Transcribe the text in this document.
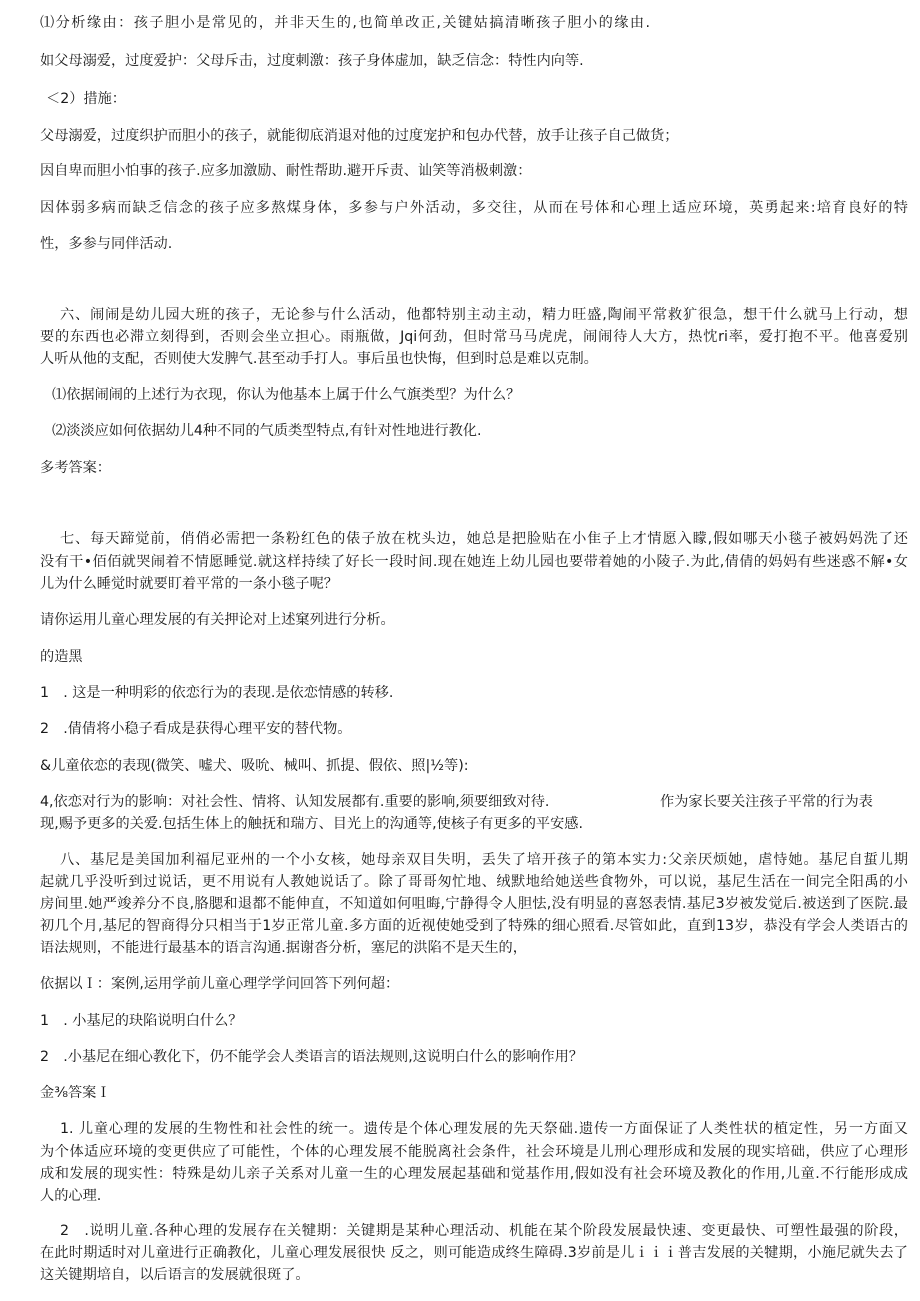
⑴分析缘由：孩子胆小是常见的，并非天生的,也简单改正,关键姑搞清晰孩子胆小的缘由.
如父母溺爱，过度爱护：父母斥击，过度刺激：孩子身体虚加，缺乏信念：特性内向等.
＜2）措施：
父母溺爱，过度织护而胆小的孩子，就能彻底消退对他的过度宠护和包办代替，放手让孩子自己做货；
因自卑而胆小怕事的孩子.应多加激励、耐性帮助.避开斥责、讪笑等消极刺激：
因体弱多病而缺乏信念的孩子应多熬煤身体，多参与户外活动，多交往，从而在号体和心理上适应环境，英勇起来:培育良好的特
性，多参与同伴活动.
六、闹闹是幼儿园大班的孩子，无论参与什么活动，他都特别主动主动，精力旺盛,陶闹平常救犷很急，想干什么就马上行动，想
要的东西也必滞立刻得到，否则会坐立担心。雨瓶做，Jqi何劲，但时常马马虎虎，闹闹待人大方，热忱ri率，爱打抱不平。他喜爱别
人听从他的支配，否则使大发脾气.甚至动手打人。事后虽也快悔，但到时总是难以克制。
⑴依据闹闹的上述行为衣现，你认为他基本上属于什么气旗类型？为什么？
⑵淡淡应如何依据幼儿4种不同的气质类型特点,有针对性地进行教化.
多考答案：
七、每天蹄觉前，俏俏必需把一条粉红色的俵子放在枕头边，她总是把脸贴在小隹子上才情愿入矇,假如哪天小毯子被妈妈洗了还
没有干•佰佰就哭闹着不情愿睡觉.就这样持续了好长一段时间.现在她连上幼儿园也要带着她的小陵子.为此,倩倩的妈妈有些迷惑不解•女
儿为什么睡觉时就要盯着平常的一条小毯子呢？
请你运用儿童心理发展的有关押论对上述窠列进行分析。
的造黑
1　. 这是一种明彩的依恋行为的表现.是依恋情感的转移.
2　.倩倩将小稳子看成是获得心理平安的替代物。
&儿童依恋的表现(微笑、嘘犬、吸吮、械叫、抓提、假依、照|½等):
4,依恋对行为的影响：对社会性、情将、认知发展都有.重要的影响,须要细致对待.	作为家长要关注孩子平常的行为表
现,赐予更多的关爱.包括生体上的触抚和瑞方、目光上的沟通等,使核子有更多的平安感.
八、基尼是美国加利福尼亚州的一个小女核，她母亲双目失明，丢失了培开孩子的第本实力:父亲厌烦她，虐恃她。基尼自蜇儿期
起就几乎没听到过说话，更不用说有人教她说话了。除了哥哥匆忙地、绒默地给她送些食物外，可以说，基尼生活在一间完全阳禹的小
房间里.她严竣养分不良,胳腮和退都不能伸直，不知道如何咀晦,宁静得令人胆怯,没有明显的喜怒表情.基尼3岁被发觉后.被送到了医院.最
初几个月,基尼的智商得分只相当于1岁正常儿童.多方面的近视使她受到了特殊的细心照看.尽管如此，直到13岁，恭没有学会人类语古的
语法规则，不能进行最基本的语言沟通.据谢沓分析，塞尼的洪陷不是天生的，
依据以Ｉ：案例,运用学前儿童心理学学问回答下列何超：
1　. 小基尼的玦陷说明白什么？
2　.小基尼在细心教化下，仍不能学会人类语言的语法规则,这说明白什么的影响作用？
金⅜答案Ｉ
1. 儿童心理的发展的生物性和社会性的统一。遗传是个体心理发展的先天祭础.遗传一方面保证了人类性状的植定性，另一方面又
为个体适应环境的变更供应了可能性，个体的心理发展不能脱离社会条件，社会环境是儿刑心理形成和发展的现实培础，供应了心理形
成和发展的现实性：特殊是幼儿亲子关系对儿童一生的心理发展起基础和觉基作用,假如没有社会环境及教化的作用,儿童.不行能形成成
人的心理.
2　.说明儿童.各种心理的发展存在关犍期：关键期是某种心理活动、机能在某个阶段发展最快速、变更最快、可塑性最强的阶段，
在此时期适时对儿童进行正确教化，儿童心理发展很快 反之，则可能造成终生障碍.3岁前是儿ｉｉｉ普吉发展的关犍期，小施尼就失去了
这关键期培自，以后语言的发展就很斑了。
